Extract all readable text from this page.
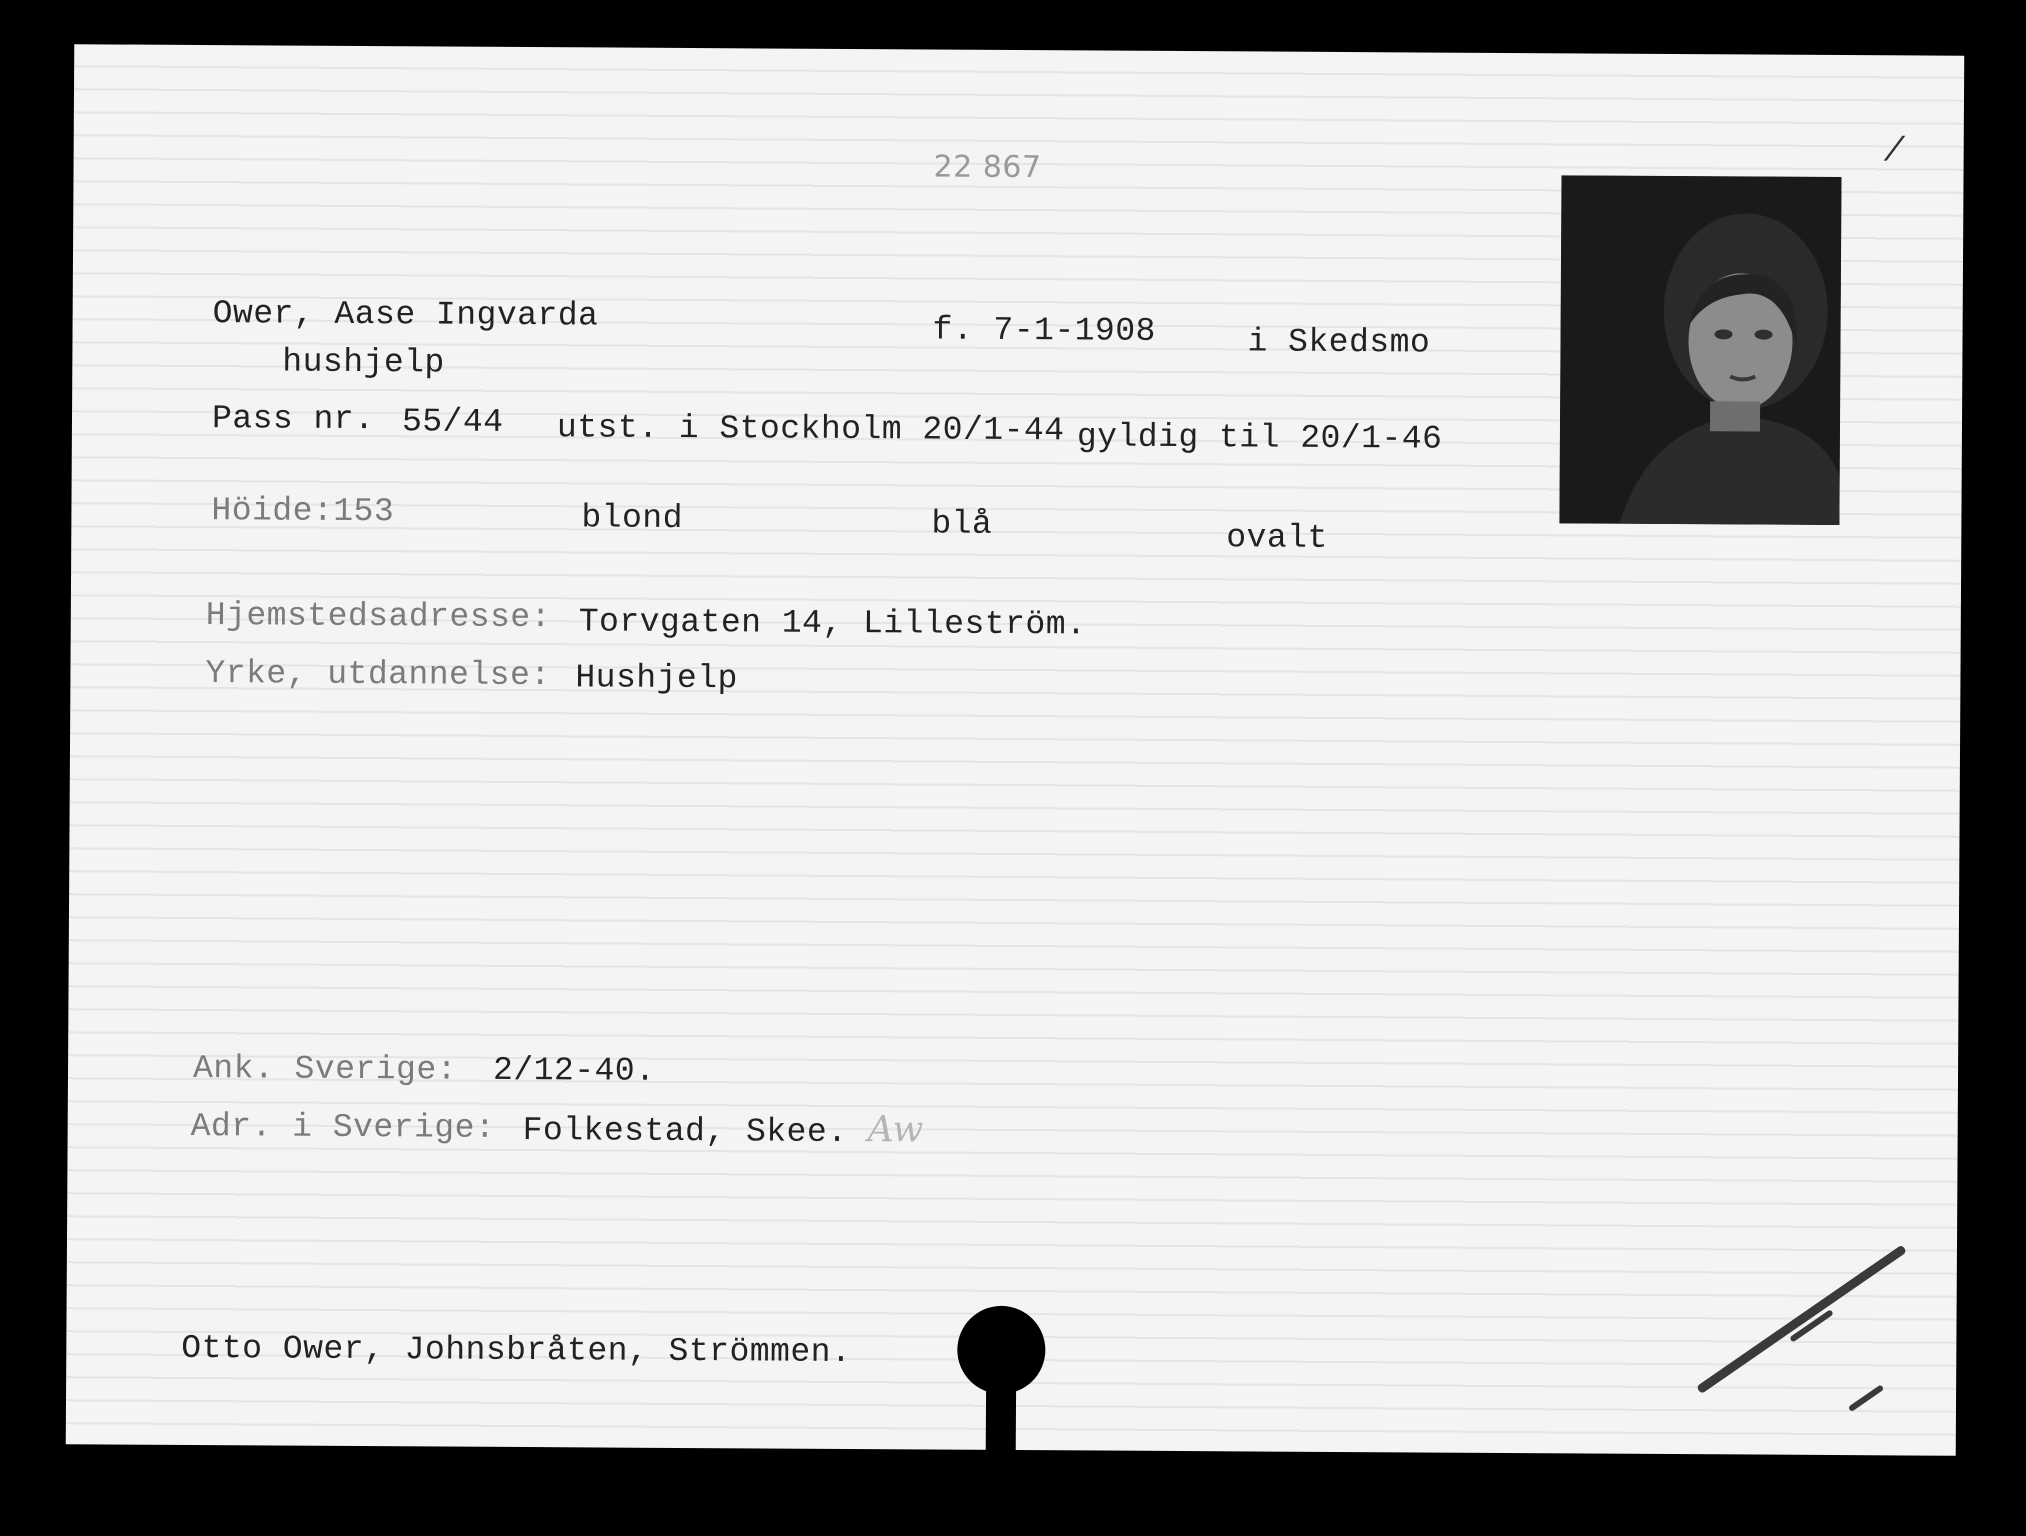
22 867	/
Ower, Aase Ingvarda
hushjelp
f. 7-1-1908	i Skedsmo
Pass nr. 55/44 utst. i Stockholm 20/1-44 gyldig til 20/1-46
Höide:153	blond	blå	ovalt
Hjemstedsadresse: Torvgaten 14, Lilleström.
Yrke, utdannelse: Hushjelp
Ank. Sverige: 2/12-40.
Adr. i Sverige: Folkestad, Skee. Aw
Otto Ower, Johnsbråten, Strömmen.
